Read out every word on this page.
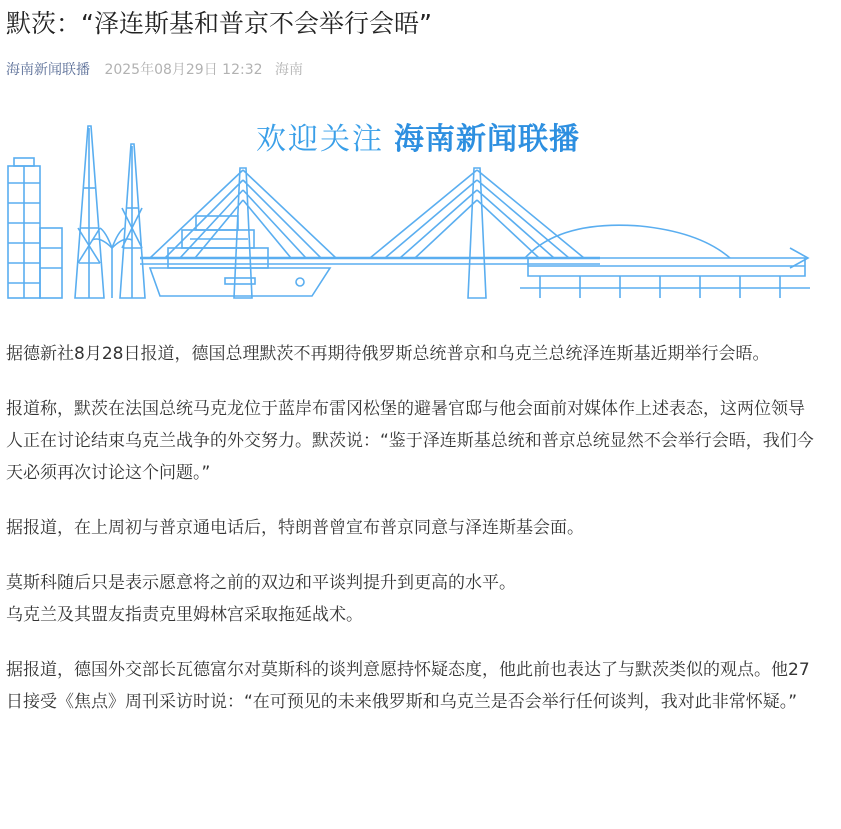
默茨：“泽连斯基和普京不会举行会晤”
海南新闻联播 2025年08月29日 12:32 海南
欢迎关注 海南新闻联播

据德新社8月28日报道，德国总理默茨不再期待俄罗斯总统普京和乌克兰总统泽连斯基近期举行会晤。

报道称，默茨在法国总统马克龙位于蓝岸布雷冈松堡的避暑官邸与他会面前对媒体作上述表态，这两位领导人正在讨论结束乌克兰战争的外交努力。默茨说：“鉴于泽连斯基总统和普京总统显然不会举行会晤，我们今天必须再次讨论这个问题。”

据报道，在上周初与普京通电话后，特朗普曾宣布普京同意与泽连斯基会面。

莫斯科随后只是表示愿意将之前的双边和平谈判提升到更高的水平。

乌克兰及其盟友指责克里姆林宫采取拖延战术。

据报道，德国外交部长瓦德富尔对莫斯科的谈判意愿持怀疑态度，他此前也表达了与默茨类似的观点。他27日接受《焦点》周刊采访时说：“在可预见的未来俄罗斯和乌克兰是否会举行任何谈判，我对此非常怀疑。”
